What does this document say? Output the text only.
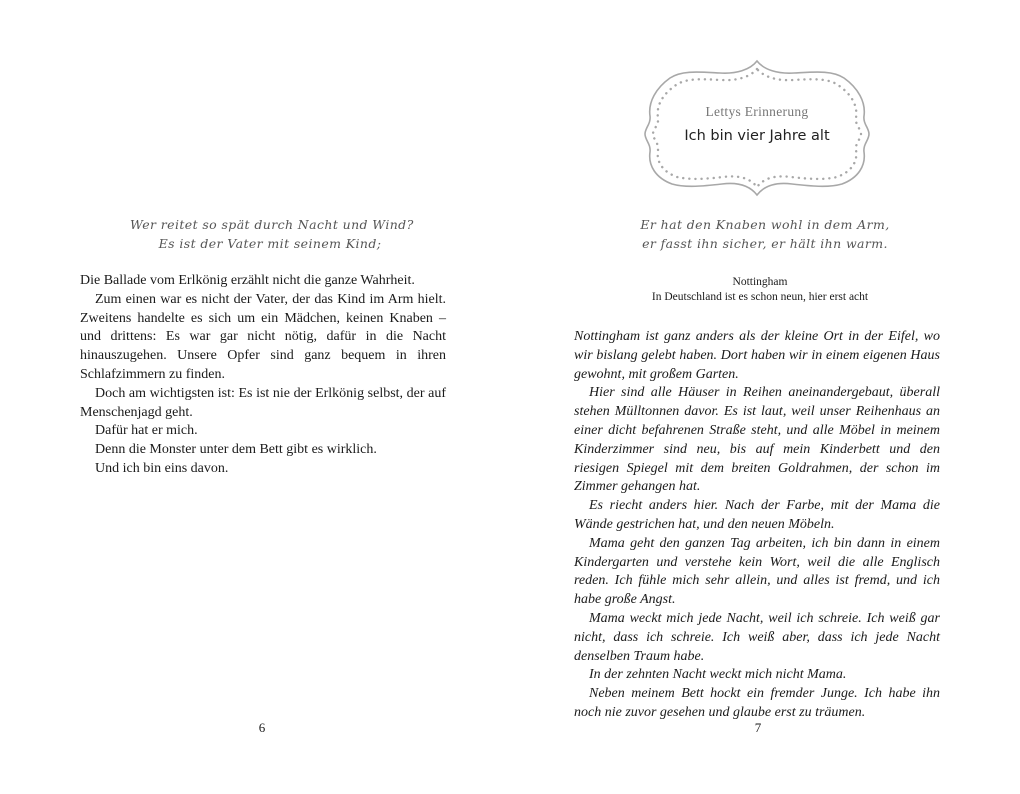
Wer reitet so spät durch Nacht und Wind?
Es ist der Vater mit seinem Kind;

Die Ballade vom Erlkönig erzählt nicht die ganze Wahrheit.

Zum einen war es nicht der Vater, der das Kind im Arm hielt. Zweitens handelte es sich um ein Mädchen, keinen Knaben – und drittens: Es war gar nicht nötig, dafür in die Nacht hinauszugehen. Unsere Opfer sind ganz bequem in ihren Schlafzimmern zu finden.

Doch am wichtigsten ist: Es ist nie der Erlkönig selbst, der auf Menschenjagd geht.

Dafür hat er mich.

Denn die Monster unter dem Bett gibt es wirklich.

Und ich bin eins davon.

6
Lettys Erinnerung
Ich bin vier Jahre alt
Er hat den Knaben wohl in dem Arm,
er fasst ihn sicher, er hält ihn warm.
Nottingham
In Deutschland ist es schon neun, hier erst acht

Nottingham ist ganz anders als der kleine Ort in der Eifel, wo wir bislang gelebt haben. Dort haben wir in einem eigenen Haus gewohnt, mit großem Garten.

Hier sind alle Häuser in Reihen aneinandergebaut, überall stehen Mülltonnen davor. Es ist laut, weil unser Reihenhaus an einer dicht befahrenen Straße steht, und alle Möbel in meinem Kinderzimmer sind neu, bis auf mein Kinderbett und den riesigen Spiegel mit dem breiten Goldrahmen, der schon im Zimmer gehangen hat.

Es riecht anders hier. Nach der Farbe, mit der Mama die Wände gestrichen hat, und den neuen Möbeln.

Mama geht den ganzen Tag arbeiten, ich bin dann in einem Kindergarten und verstehe kein Wort, weil die alle Englisch reden. Ich fühle mich sehr allein, und alles ist fremd, und ich habe große Angst.

Mama weckt mich jede Nacht, weil ich schreie. Ich weiß gar nicht, dass ich schreie. Ich weiß aber, dass ich jede Nacht denselben Traum habe.

In der zehnten Nacht weckt mich nicht Mama.

Neben meinem Bett hockt ein fremder Junge. Ich habe ihn noch nie zuvor gesehen und glaube erst zu träumen.

7
